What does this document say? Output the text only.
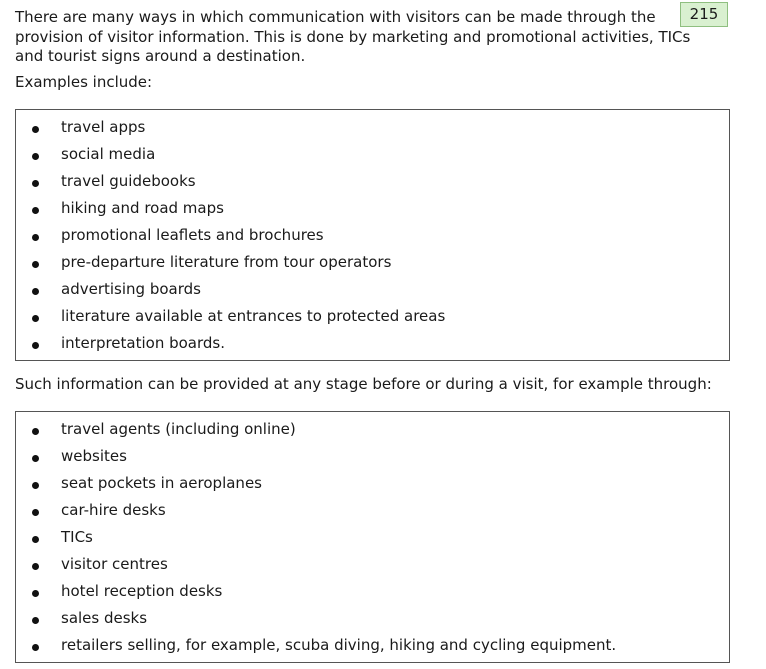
215

There are many ways in which communication with visitors can be made through the provision of visitor information. This is done by marketing and promotional activities, TICs and tourist signs around a destination.

Examples include:

travel apps
social media
travel guidebooks
hiking and road maps
promotional leaflets and brochures
pre-departure literature from tour operators
advertising boards
literature available at entrances to protected areas
interpretation boards.

Such information can be provided at any stage before or during a visit, for example through:

travel agents (including online)
websites
seat pockets in aeroplanes
car-hire desks
TICs
visitor centres
hotel reception desks
sales desks
retailers selling, for example, scuba diving, hiking and cycling equipment.
